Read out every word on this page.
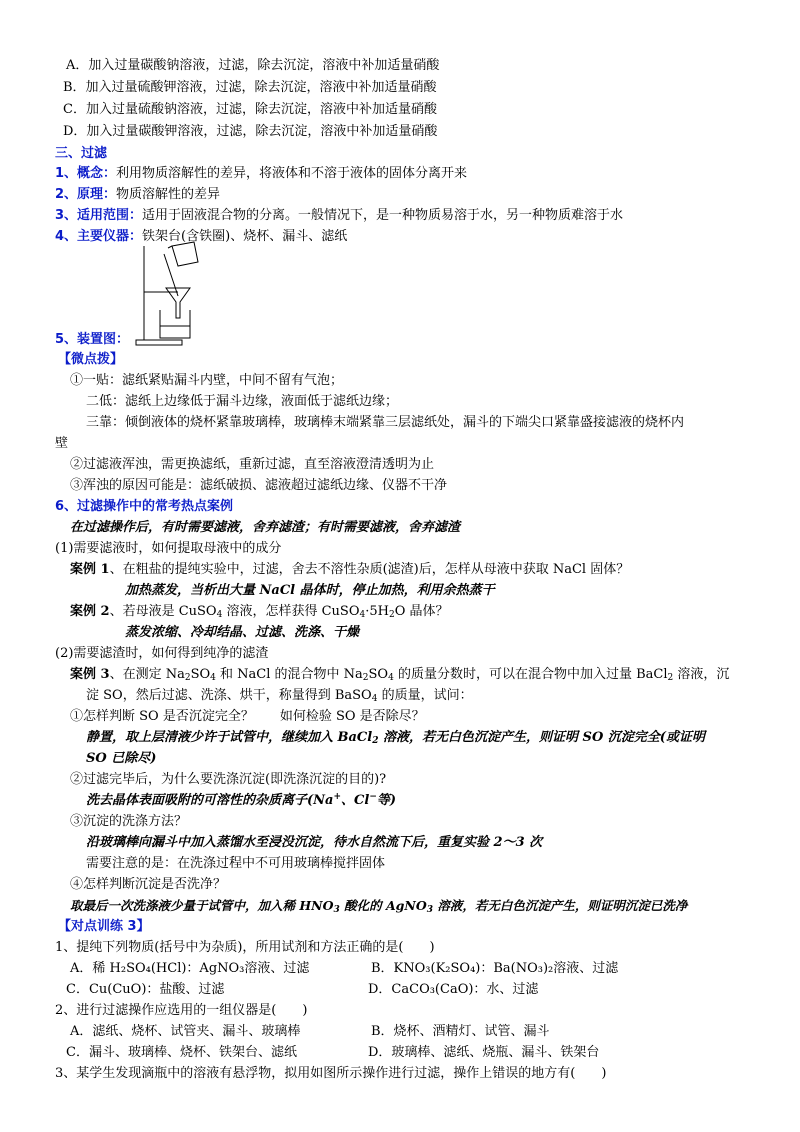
A．加入过量碳酸钠溶液，过滤，除去沉淀，溶液中补加适量硝酸
B．加入过量硫酸钾溶液，过滤，除去沉淀，溶液中补加适量硝酸
C．加入过量硫酸钠溶液，过滤，除去沉淀，溶液中补加适量硝酸
D．加入过量碳酸钾溶液，过滤，除去沉淀，溶液中补加适量硝酸
三、过滤
1、概念：利用物质溶解性的差异，将液体和不溶于液体的固体分离开来
2、原理：物质溶解性的差异
3、适用范围：适用于固液混合物的分离。一般情况下，是一种物质易溶于水，另一种物质难溶于水
4、主要仪器：铁架台(含铁圈)、烧杯、漏斗、滤纸
5、装置图：
【微点拨】
①一贴：滤纸紧贴漏斗内壁，中间不留有气泡；
二低：滤纸上边缘低于漏斗边缘，液面低于滤纸边缘；
三靠：倾倒液体的烧杯紧靠玻璃棒，玻璃棒末端紧靠三层滤纸处，漏斗的下端尖口紧靠盛接滤液的烧杯内
壁
②过滤液浑浊，需更换滤纸，重新过滤，直至溶液澄清透明为止
③浑浊的原因可能是：滤纸破损、滤液超过滤纸边缘、仪器不干净
6、过滤操作中的常考热点案例
在过滤操作后，有时需要滤液，舍弃滤渣；有时需要滤液，舍弃滤渣
(1)需要滤液时，如何提取母液中的成分
案例 1、在粗盐的提纯实验中，过滤，舍去不溶性杂质(滤渣)后，怎样从母液中获取 NaCl 固体？
加热蒸发，当析出大量 NaCl 晶体时，停止加热，利用余热蒸干
案例 2、若母液是 CuSO$_4$ 溶液，怎样获得 $CuSO_4\cdot 5H_2O$ 晶体？
蒸发浓缩、冷却结晶、过滤、洗涤、干燥
(2)需要滤渣时，如何得到纯净的滤渣
案例 3、在测定 $Na_2SO_4$ 和 NaCl 的混合物中 $Na_2SO_4$ 的质量分数时，可以在混合物中加入过量 BaCl$_2$ 溶液，沉
淀 SO，然后过滤、洗涤、烘干，称量得到 BaSO$_4$ 的质量，试问：
①怎样判断 SO 是否沉淀完全？　　如何检验 SO 是否除尽？
静置，取上层清液少许于试管中，继续加入 BaCl$_2$ 溶液，若无白色沉淀产生，则证明 SO 沉淀完全(或证明
SO 已除尽)
②过滤完毕后，为什么要洗涤沉淀(即洗涤沉淀的目的)?
洗去晶体表面吸附的可溶性的杂质离子(Na+、Cl−等)
③沉淀的洗涤方法？
沿玻璃棒向漏斗中加入蒸馏水至浸没沉淀，待水自然流下后，重复实验 2～3 次
需要注意的是：在洗涤过程中不可用玻璃棒搅拌固体
④怎样判断沉淀是否洗净？
取最后一次洗涤液少量于试管中，加入稀 $HNO_3$ 酸化的 AgNO$_3$ 溶液，若无白色沉淀产生，则证明沉淀已洗净
【对点训练 3】
1、提纯下列物质(括号中为杂质)，所用试剂和方法正确的是(　　)
A．稀 H₂SO₄(HCl)：AgNO₃溶液、过滤	B．KNO₃(K₂SO₄)：Ba(NO₃)₂溶液、过滤
C．Cu(CuO)：盐酸、过滤	D．CaCO₃(CaO)：水、过滤
2、进行过滤操作应选用的一组仪器是(　　)
A．滤纸、烧杯、试管夹、漏斗、玻璃棒	B．烧杯、酒精灯、试管、漏斗
C．漏斗、玻璃棒、烧杯、铁架台、滤纸	D．玻璃棒、滤纸、烧瓶、漏斗、铁架台
3、某学生发现滴瓶中的溶液有悬浮物，拟用如图所示操作进行过滤，操作上错误的地方有(　　)
